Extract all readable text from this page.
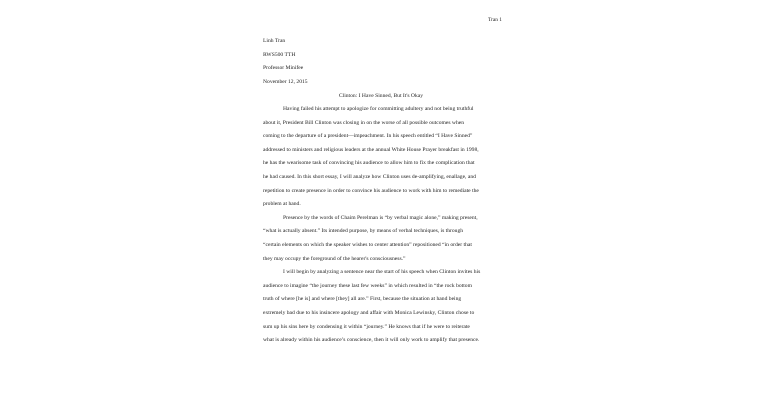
Tran 1
Linh Tran
RWS500 TTH
Professor Minifee
November 12, 2015
Clinton: I Have Sinned, But It's Okay
Having failed his attempt to apologize for committing adultery and not being truthful
about it, President Bill Clinton was closing in on the worse of all possible outcomes when
coming to the departure of a president—impeachment. In his speech entitled “I Have Sinned”
addressed to ministers and religious leaders at the annual White House Prayer breakfast in 1998,
he has the wearisome task of convincing his audience to allow him to fix the complication that
he had caused. In this short essay, I will analyze how Clinton uses de-amplifying, enallage, and
repetition to create presence in order to convince his audience to work with him to remediate the
problem at hand.
Presence by the words of Chaim Perelman is “by verbal magic alone,” making present,
“what is actually absent.” Its intended purpose, by means of verbal techniques, is through
“certain elements on which the speaker wishes to center attention” repositioned “in order that
they may occupy the foreground of the hearer's consciousness.”
I will begin by analyzing a sentence near the start of his speech when Clinton invites his
audience to imagine “the journey these last few weeks” in which resulted in “the rock bottom
truth of where [he is] and where [they] all are.” First, because the situation at hand being
extremely bad due to his insincere apology and affair with Monica Lewinsky, Clinton chose to
sum up his sins here by condensing it within “journey.” He knows that if he were to reiterate
what is already within his audience’s conscience, then it will only work to amplify that presence.
